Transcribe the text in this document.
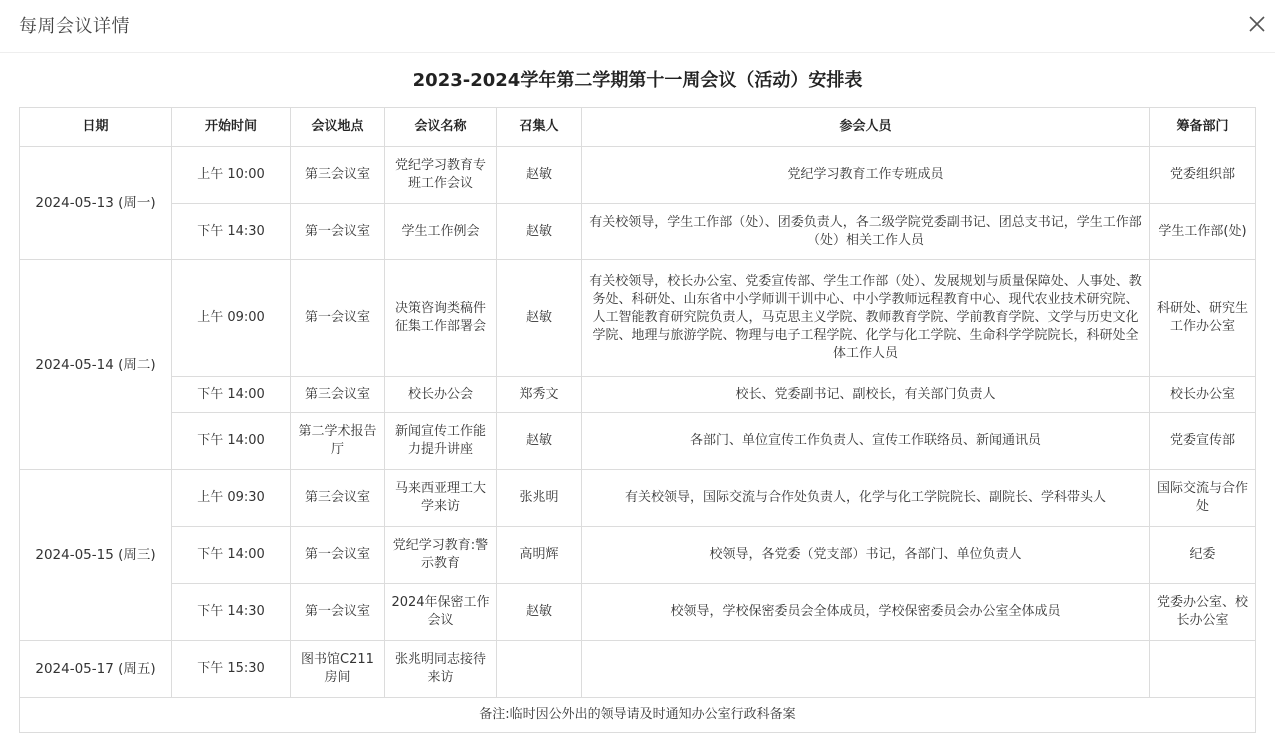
每周会议详情
2023-2024学年第二学期第十一周会议（活动）安排表
日期	开始时间	会议地点	会议名称	召集人	参会人员	筹备部门
2024-05-13 (周一)	上午 10:00	第三会议室	党纪学习教育专班工作会议	赵敏	党纪学习教育工作专班成员	党委组织部
	下午 14:30	第一会议室	学生工作例会	赵敏	有关校领导，学生工作部（处）、团委负责人，各二级学院党委副书记、团总支书记，学生工作部（处）相关工作人员	学生工作部(处)
2024-05-14 (周二)	上午 09:00	第一会议室	决策咨询类稿件征集工作部署会	赵敏	有关校领导，校长办公室、党委宣传部、学生工作部（处）、发展规划与质量保障处、人事处、教务处、科研处、山东省中小学师训干训中心、中小学教师远程教育中心、现代农业技术研究院、人工智能教育研究院负责人，马克思主义学院、教师教育学院、学前教育学院、文学与历史文化学院、地理与旅游学院、物理与电子工程学院、化学与化工学院、生命科学学院院长，科研处全体工作人员	科研处、研究生工作办公室
	下午 14:00	第三会议室	校长办公会	郑秀文	校长、党委副书记、副校长，有关部门负责人	校长办公室
	下午 14:00	第二学术报告厅	新闻宣传工作能力提升讲座	赵敏	各部门、单位宣传工作负责人、宣传工作联络员、新闻通讯员	党委宣传部
2024-05-15 (周三)	上午 09:30	第三会议室	马来西亚理工大学来访	张兆明	有关校领导，国际交流与合作处负责人，化学与化工学院院长、副院长、学科带头人	国际交流与合作处
	下午 14:00	第一会议室	党纪学习教育:警示教育	高明辉	校领导，各党委（党支部）书记，各部门、单位负责人	纪委
	下午 14:30	第一会议室	2024年保密工作会议	赵敏	校领导，学校保密委员会全体成员，学校保密委员会办公室全体成员	党委办公室、校长办公室
2024-05-17 (周五)	下午 15:30	图书馆C211房间	张兆明同志接待来访			
备注:临时因公外出的领导请及时通知办公室行政科备案						
